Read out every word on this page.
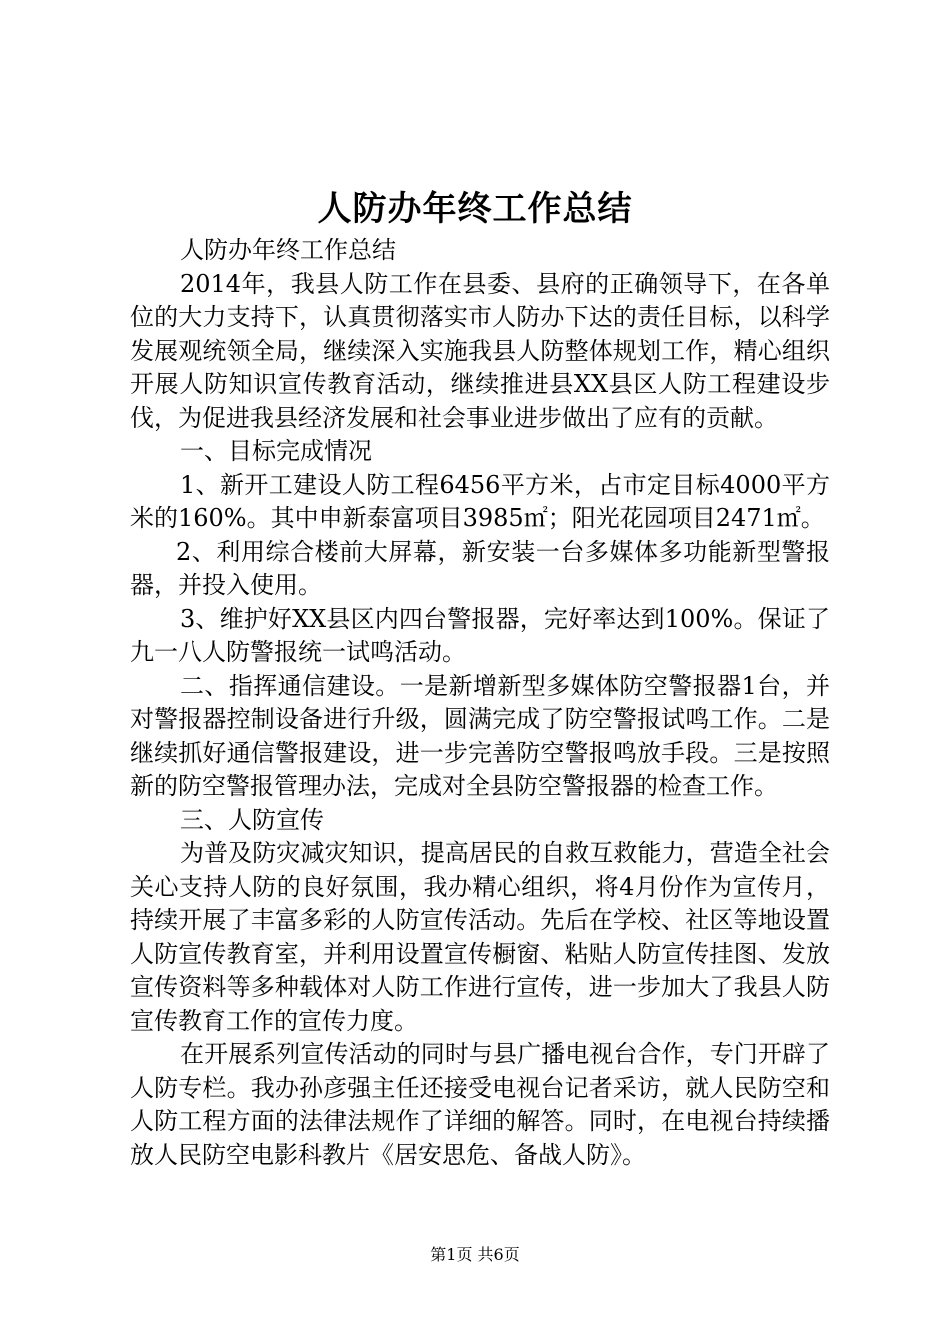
人防办年终工作总结

人防办年终工作总结

2014年，我县人防工作在县委、县府的正确领导下，在各单位的大力支持下，认真贯彻落实市人防办下达的责任目标，以科学发展观统领全局，继续深入实施我县人防整体规划工作，精心组织开展人防知识宣传教育活动，继续推进县XX县区人防工程建设步伐，为促进我县经济发展和社会事业进步做出了应有的贡献。

一、目标完成情况

1、新开工建设人防工程6456平方米，占市定目标4000平方米的160%。其中申新泰富项目3985㎡；阳光花园项目2471㎡。

2、利用综合楼前大屏幕，新安装一台多媒体多功能新型警报器，并投入使用。

3、维护好XX县区内四台警报器，完好率达到100%。保证了九一八人防警报统一试鸣活动。

二、指挥通信建设。一是新增新型多媒体防空警报器1台，并对警报器控制设备进行升级，圆满完成了防空警报试鸣工作。二是继续抓好通信警报建设，进一步完善防空警报鸣放手段。三是按照新的防空警报管理办法，完成对全县防空警报器的检查工作。

三、人防宣传

为普及防灾减灾知识，提高居民的自救互救能力，营造全社会关心支持人防的良好氛围，我办精心组织，将4月份作为宣传月，持续开展了丰富多彩的人防宣传活动。先后在学校、社区等地设置人防宣传教育室，并利用设置宣传橱窗、粘贴人防宣传挂图、发放宣传资料等多种载体对人防工作进行宣传，进一步加大了我县人防宣传教育工作的宣传力度。

在开展系列宣传活动的同时与县广播电视台合作，专门开辟了人防专栏。我办孙彦强主任还接受电视台记者采访，就人民防空和人防工程方面的法律法规作了详细的解答。同时，在电视台持续播放人民防空电影科教片《居安思危、备战人防》。

第1页 共6页
